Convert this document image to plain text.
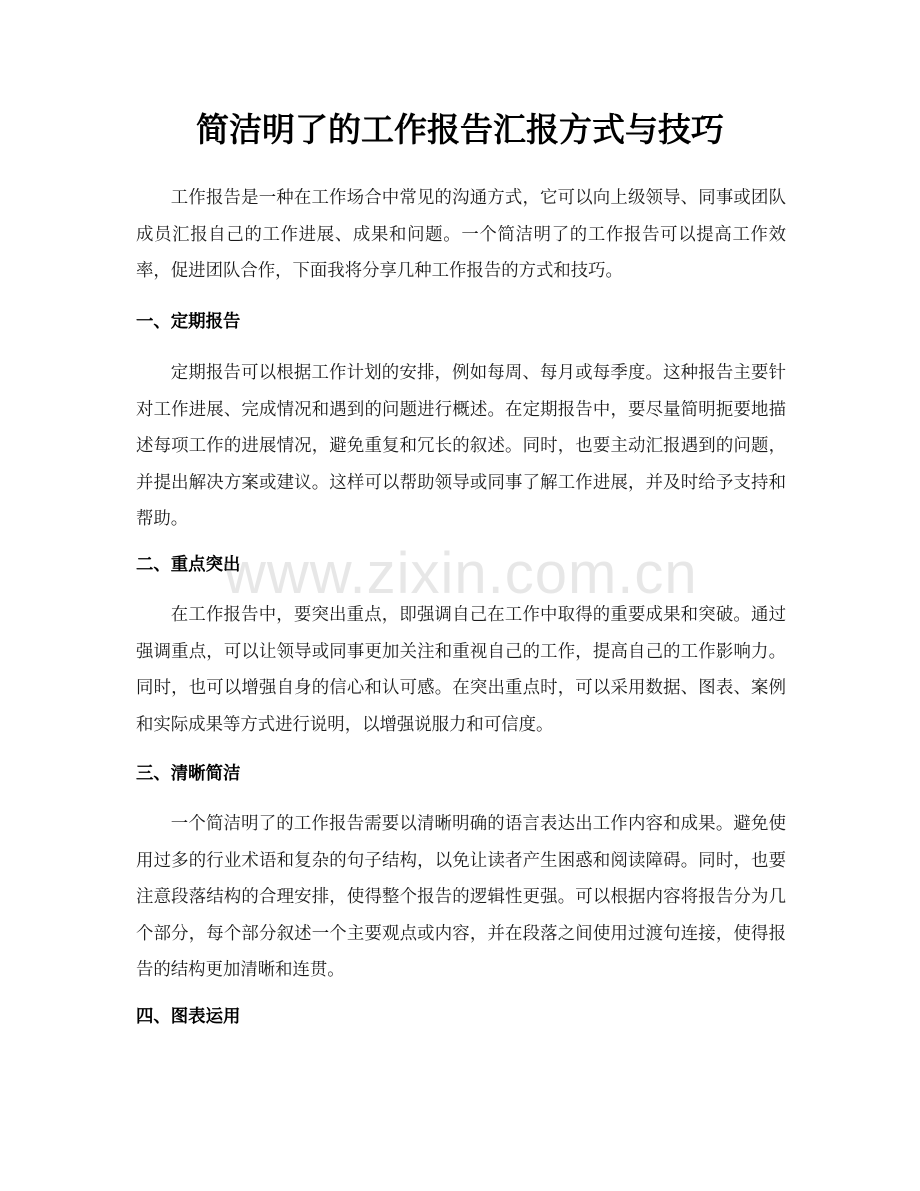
简洁明了的工作报告汇报方式与技巧

工作报告是一种在工作场合中常见的沟通方式，它可以向上级领导、同事或团队成员汇报自己的工作进展、成果和问题。一个简洁明了的工作报告可以提高工作效率，促进团队合作，下面我将分享几种工作报告的方式和技巧。

一、定期报告

定期报告可以根据工作计划的安排，例如每周、每月或每季度。这种报告主要针对工作进展、完成情况和遇到的问题进行概述。在定期报告中，要尽量简明扼要地描述每项工作的进展情况，避免重复和冗长的叙述。同时，也要主动汇报遇到的问题，并提出解决方案或建议。这样可以帮助领导或同事了解工作进展，并及时给予支持和帮助。

二、重点突出

在工作报告中，要突出重点，即强调自己在工作中取得的重要成果和突破。通过强调重点，可以让领导或同事更加关注和重视自己的工作，提高自己的工作影响力。同时，也可以增强自身的信心和认可感。在突出重点时，可以采用数据、图表、案例和实际成果等方式进行说明，以增强说服力和可信度。

三、清晰简洁

一个简洁明了的工作报告需要以清晰明确的语言表达出工作内容和成果。避免使用过多的行业术语和复杂的句子结构，以免让读者产生困惑和阅读障碍。同时，也要注意段落结构的合理安排，使得整个报告的逻辑性更强。可以根据内容将报告分为几个部分，每个部分叙述一个主要观点或内容，并在段落之间使用过渡句连接，使得报告的结构更加清晰和连贯。

四、图表运用
www.zixin.com.cn
